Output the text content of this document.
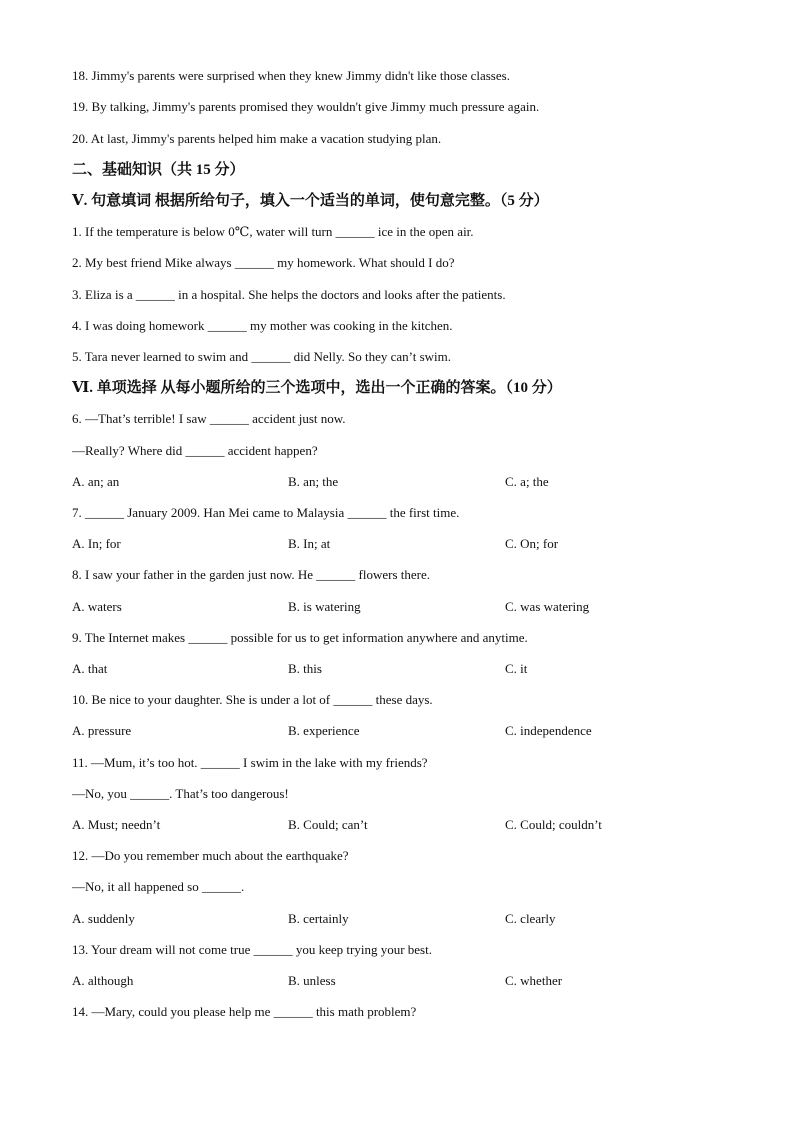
18. Jimmy's parents were surprised when they knew Jimmy didn't like those classes.
19. By talking, Jimmy's parents promised they wouldn't give Jimmy much pressure again.
20. At last, Jimmy's parents helped him make a vacation studying plan.
二、基础知识（共 15 分）
Ⅴ. 句意填词 根据所给句子，填入一个适当的单词，使句意完整。（5 分）
1. If the temperature is below 0℃, water will turn ______ ice in the open air.
2. My best friend Mike always ______ my homework. What should I do?
3. Eliza is a ______ in a hospital. She helps the doctors and looks after the patients.
4. I was doing homework ______ my mother was cooking in the kitchen.
5. Tara never learned to swim and ______ did Nelly. So they can’t swim.
Ⅵ. 单项选择 从每小题所给的三个选项中，选出一个正确的答案。（10 分）
6. —That’s terrible! I saw ______ accident just now.
—Really? Where did ______ accident happen?
A. an; an	B. an; the	C. a; the
7. ______ January 2009. Han Mei came to Malaysia ______ the first time.
A. In; for	B. In; at	C. On; for
8. I saw your father in the garden just now. He ______ flowers there.
A. waters	B. is watering	C. was watering
9. The Internet makes ______ possible for us to get information anywhere and anytime.
A. that	B. this	C. it
10. Be nice to your daughter. She is under a lot of ______ these days.
A. pressure	B. experience	C. independence
11. —Mum, it’s too hot. ______ I swim in the lake with my friends?
—No, you ______. That’s too dangerous!
A. Must; needn’t	B. Could; can’t	C. Could; couldn’t
12. —Do you remember much about the earthquake?
—No, it all happened so ______.
A. suddenly	B. certainly	C. clearly
13. Your dream will not come true ______ you keep trying your best.
A. although	B. unless	C. whether
14. —Mary, could you please help me ______ this math problem?
